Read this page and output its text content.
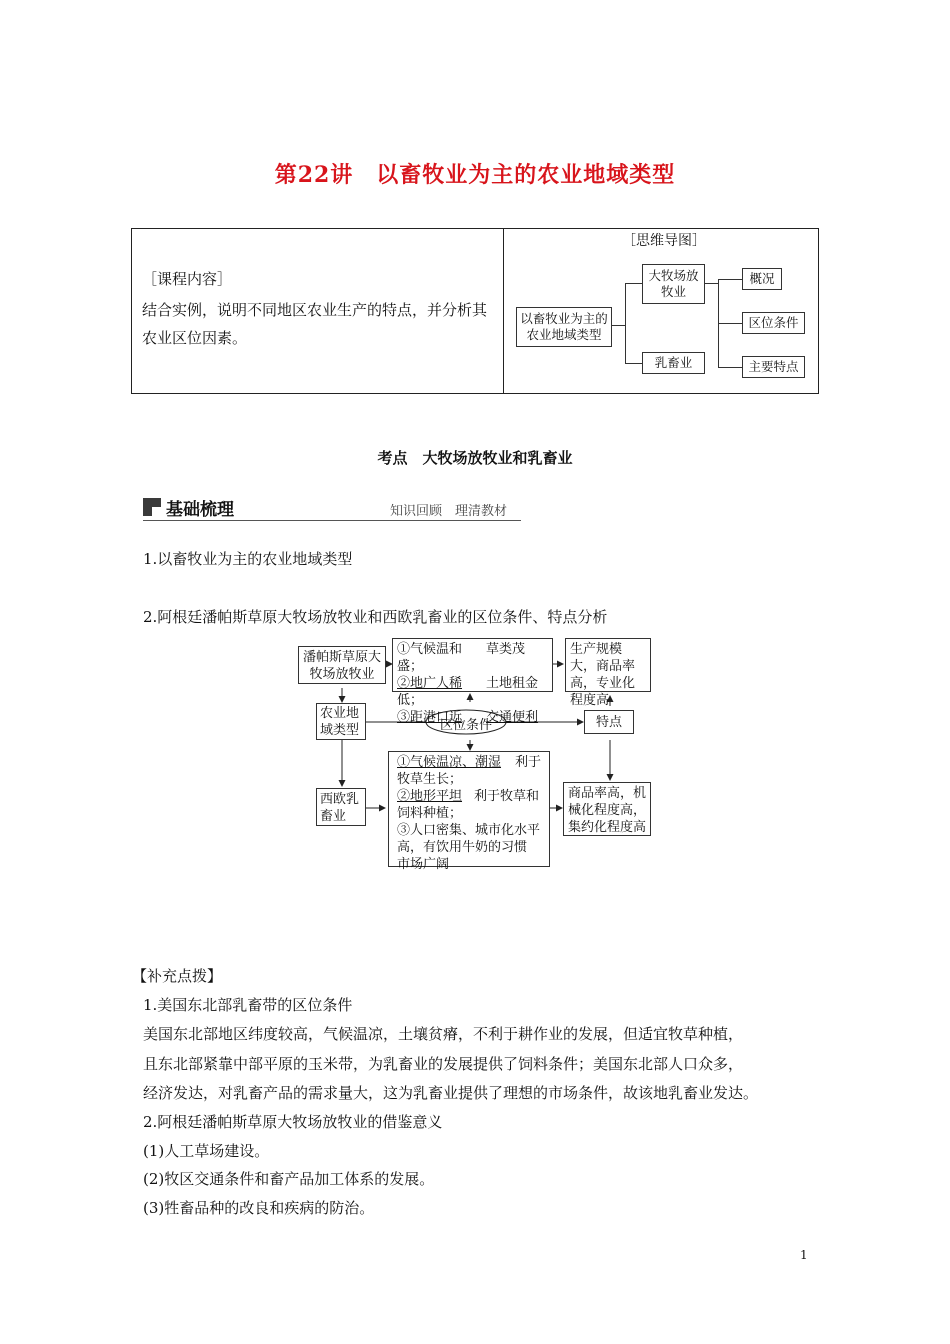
第22讲　以畜牧业为主的农业地域类型
［课程内容］
结合实例，说明不同地区农业生产的特点，并分析其农业区位因素。
［思维导图］
以畜牧业为主的农业地域类型
大牧场放牧业
乳畜业
概况
区位条件
主要特点
考点　大牧场放牧业和乳畜业
基础梳理	知识回顾　理清教材
1.以畜牧业为主的农业地域类型
2.阿根廷潘帕斯草原大牧场放牧业和西欧乳畜业的区位条件、特点分析
潘帕斯草原大牧场放牧业
①气候温和 草类茂盛；
②地广人稀 土地租金低；
③距港口近 交通便利
生产规模大，商品率高，专业化程度高
农业地域类型	区位条件	特点
西欧乳畜业
①气候温凉、潮湿 利于牧草生长；
②地形平坦 利于牧草和饲料种植；
③人口密集、城市化水平高，有饮用牛奶的习惯市场广阔
商品率高，机械化程度高，集约化程度高
【补充点拨】
1.美国东北部乳畜带的区位条件
美国东北部地区纬度较高，气候温凉，土壤贫瘠，不利于耕作业的发展，但适宜牧草种植，
且东北部紧靠中部平原的玉米带，为乳畜业的发展提供了饲料条件；美国东北部人口众多，
经济发达，对乳畜产品的需求量大，这为乳畜业提供了理想的市场条件，故该地乳畜业发达。
2.阿根廷潘帕斯草原大牧场放牧业的借鉴意义
(1)人工草场建设。
(2)牧区交通条件和畜产品加工体系的发展。
(3)牲畜品种的改良和疾病的防治。
1
